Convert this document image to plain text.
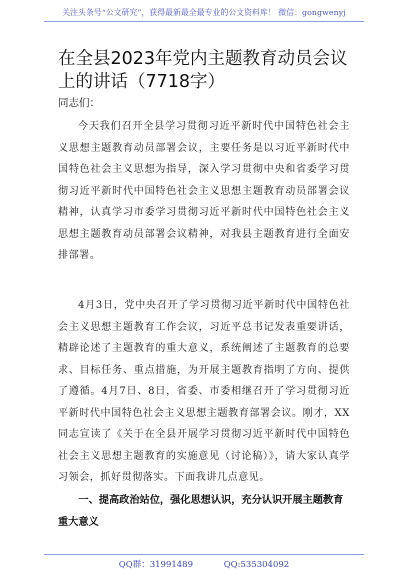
关注头条号“公文研究”，获得最新最全最专业的公文资料库！ 微信：gongwenyj
在全县2023年党内主题教育动员会议上的讲话（7718字）
同志们：

今天我们召开全县学习贯彻习近平新时代中国特色社会主义思想主题教育动员部署会议，主要任务是以习近平新时代中国特色社会主义思想为指导，深入学习贯彻中央和省委学习贯彻习近平新时代中国特色社会主义思想主题教育动员部署会议精神，认真学习市委学习贯彻习近平新时代中国特色社会主义思想主题教育动员部署会议精神，对我县主题教育进行全面安排部署。

4月3日，党中央召开了学习贯彻习近平新时代中国特色社会主义思想主题教育工作会议，习近平总书记发表重要讲话，精辟论述了主题教育的重大意义，系统阐述了主题教育的总要求、目标任务、重点措施，为开展主题教育指明了方向、提供了遵循。4月7日、8日，省委、市委相继召开了学习贯彻习近平新时代中国特色社会主义思想主题教育部署会议。刚才，XX同志宣读了《关于在全县开展学习贯彻习近平新时代中国特色社会主义思想主题教育的实施意见（讨论稿）》，请大家认真学习领会，抓好贯彻落实。下面我讲几点意见。

一、提高政治站位，强化思想认识，充分认识开展主题教育重大意义
QQ群：31991489	QQ:535304092
